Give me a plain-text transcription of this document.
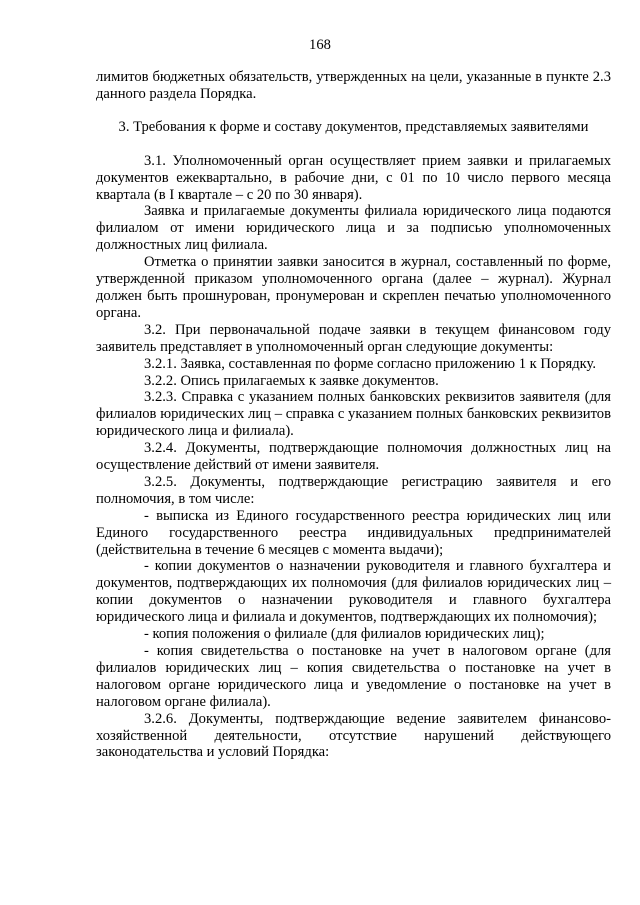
168

лимитов бюджетных обязательств, утвержденных на цели, указанные в пункте 2.3 данного раздела Порядка.

3. Требования к форме и составу документов, представляемых заявителями

3.1. Уполномоченный орган осуществляет прием заявки и прилагаемых документов ежеквартально, в рабочие дни, с 01 по 10 число первого месяца квартала (в I квартале – с 20 по 30 января).

Заявка и прилагаемые документы филиала юридического лица подаются филиалом от имени юридического лица и за подписью уполномоченных должностных лиц филиала.

Отметка о принятии заявки заносится в журнал, составленный по форме, утвержденной приказом уполномоченного органа (далее – журнал). Журнал должен быть прошнурован, пронумерован и скреплен печатью уполномоченного органа.

3.2. При первоначальной подаче заявки в текущем финансовом году заявитель представляет в уполномоченный орган следующие документы:

3.2.1. Заявка, составленная по форме согласно приложению 1 к Порядку.

3.2.2. Опись прилагаемых к заявке документов.

3.2.3. Справка с указанием полных банковских реквизитов заявителя (для филиалов юридических лиц – справка с указанием полных банковских реквизитов юридического лица и филиала).

3.2.4. Документы, подтверждающие полномочия должностных лиц на осуществление действий от имени заявителя.

3.2.5. Документы, подтверждающие регистрацию заявителя и его полномочия, в том числе:

- выписка из Единого государственного реестра юридических лиц или Единого государственного реестра индивидуальных предпринимателей (действительна в течение 6 месяцев с момента выдачи);

- копии документов о назначении руководителя и главного бухгалтера и документов, подтверждающих их полномочия (для филиалов юридических лиц – копии документов о назначении руководителя и главного бухгалтера юридического лица и филиала и документов, подтверждающих их полномочия);

- копия положения о филиале (для филиалов юридических лиц);

- копия свидетельства о постановке на учет в налоговом органе (для филиалов юридических лиц – копия свидетельства о постановке на учет в налоговом органе юридического лица и уведомление о постановке на учет в налоговом органе филиала).

3.2.6. Документы, подтверждающие ведение заявителем финансово-хозяйственной деятельности, отсутствие нарушений действующего законодательства и условий Порядка:
